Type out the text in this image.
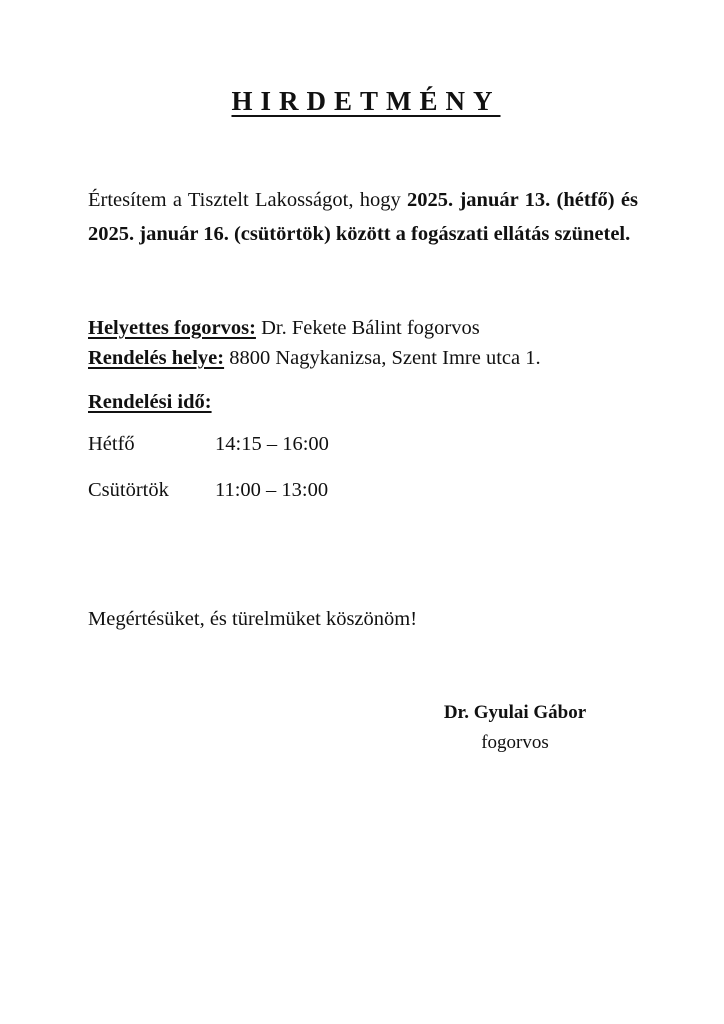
HIRDETMÉNY
Értesítem a Tisztelt Lakosságot, hogy 2025. január 13. (hétfő) és 2025. január 16. (csütörtök) között a fogászati ellátás szünetel.
Helyettes fogorvos: Dr. Fekete Bálint fogorvos
Rendelés helye: 8800 Nagykanizsa, Szent Imre utca 1.
Rendelési idő:
Hétfő	14:15 – 16:00
Csütörtök 11:00 – 13:00
Megértésüket, és türelmüket köszönöm!
Dr. Gyulai Gábor
fogorvos
